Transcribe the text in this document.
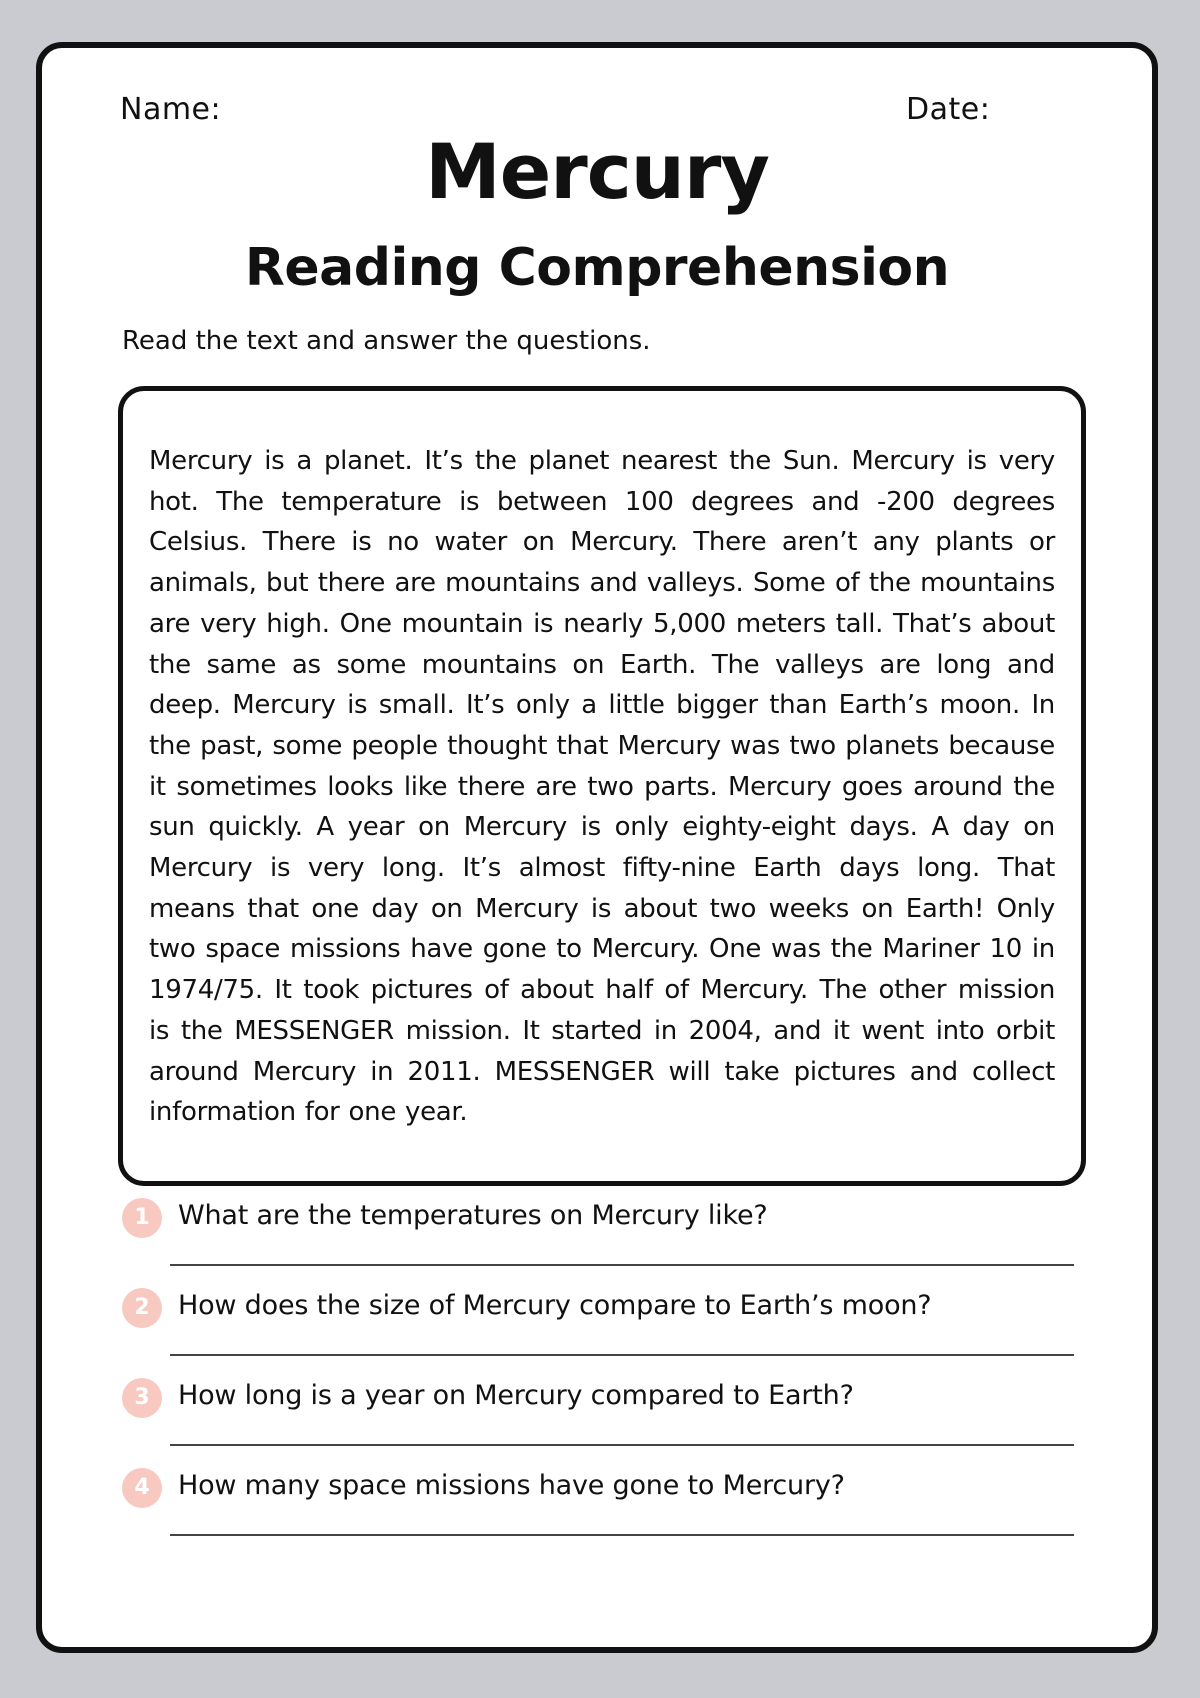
Name:	Date:
Mercury
Reading Comprehension
Read the text and answer the questions.

Mercury is a planet. It’s the planet nearest the Sun. Mercury is very hot. The temperature is between 100 degrees and -200 degrees Celsius. There is no water on Mercury. There aren’t any plants or animals, but there are mountains and valleys. Some of the mountains are very high. One mountain is nearly 5,000 meters tall. That’s about the same as some mountains on Earth. The valleys are long and deep. Mercury is small. It’s only a little bigger than Earth’s moon. In the past, some people thought that Mercury was two planets because it sometimes looks like there are two parts. Mercury goes around the sun quickly. A year on Mercury is only eighty-eight days. A day on Mercury is very long. It’s almost fifty-nine Earth days long. That means that one day on Mercury is about two weeks on Earth! Only two space missions have gone to Mercury. One was the Mariner 10 in 1974/75. It took pictures of about half of Mercury. The other mission is the MESSENGER mission. It started in 2004, and it went into orbit around Mercury in 2011. MESSENGER will take pictures and collect information for one year.

1	What are the temperatures on Mercury like?
2	How does the size of Mercury compare to Earth’s moon?
3	How long is a year on Mercury compared to Earth?
4	How many space missions have gone to Mercury?
